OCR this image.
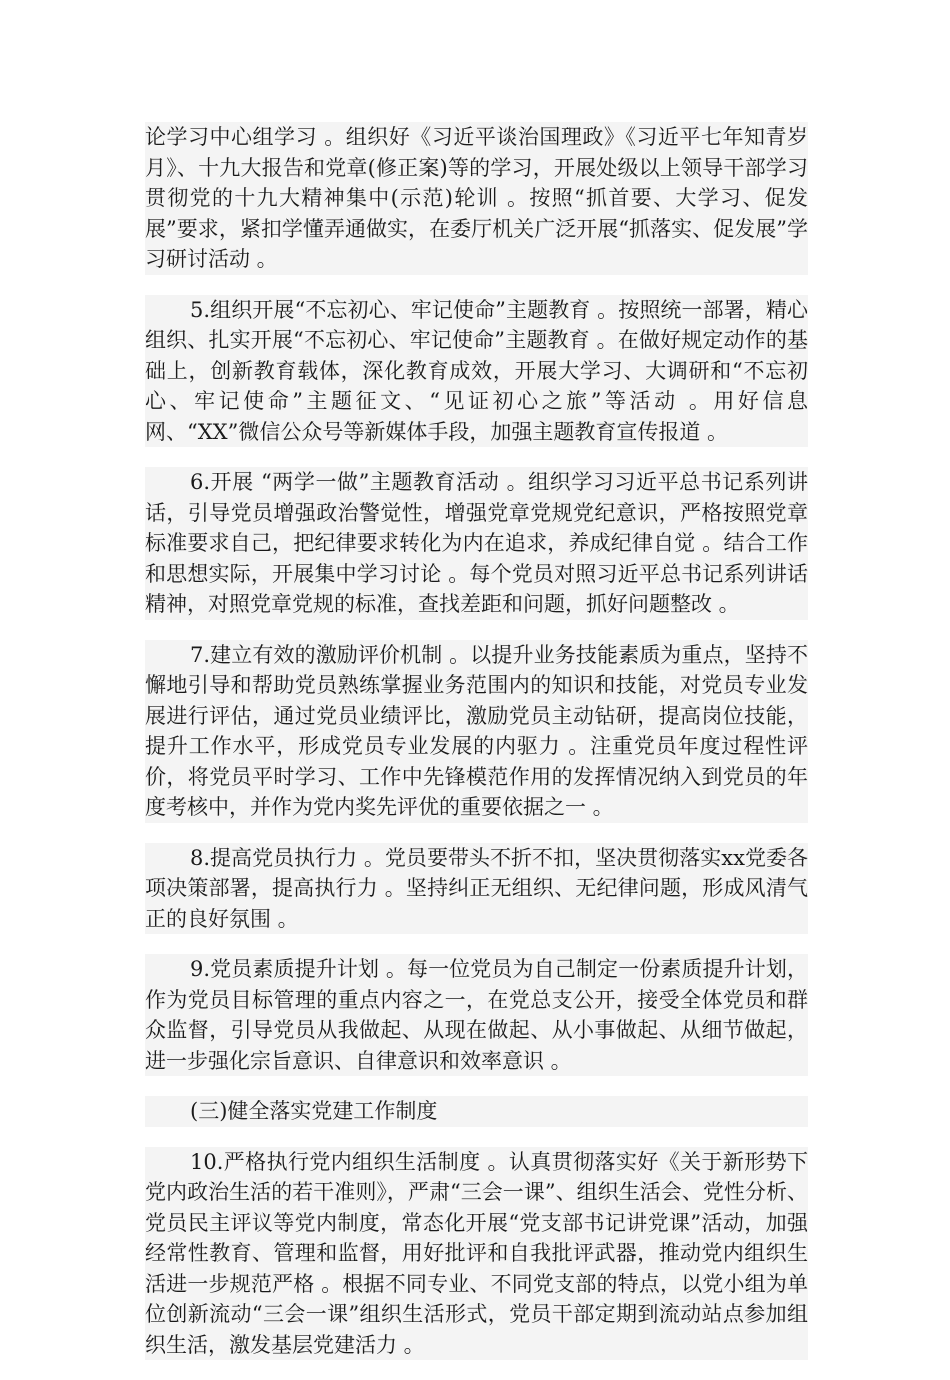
论学习中心组学习 。组织好《习近平谈治国理政》《习近平七年知青岁月》、十九大报告和党章(修正案)等的学习，开展处级以上领导干部学习贯彻党的十九大精神集中(示范)轮训 。按照“抓首要、大学习、促发展”要求，紧扣学懂弄通做实，在委厅机关广泛开展“抓落实、促发展”学习研讨活动 。

5.组织开展“不忘初心、牢记使命”主题教育 。按照统一部署，精心组织、扎实开展“不忘初心、牢记使命”主题教育 。在做好规定动作的基础上，创新教育载体，深化教育成效，开展大学习、大调研和“不忘初心、牢记使命”主题征文、“见证初心之旅”等活动 。用好信息网、“XX”微信公众号等新媒体手段，加强主题教育宣传报道 。

6.开展 “两学一做”主题教育活动 。组织学习习近平总书记系列讲话，引导党员增强政治警觉性，增强党章党规党纪意识，严格按照党章标准要求自己，把纪律要求转化为内在追求，养成纪律自觉 。结合工作和思想实际，开展集中学习讨论 。每个党员对照习近平总书记系列讲话精神，对照党章党规的标准，查找差距和问题，抓好问题整改 。

7.建立有效的激励评价机制 。以提升业务技能素质为重点，坚持不懈地引导和帮助党员熟练掌握业务范围内的知识和技能，对党员专业发展进行评估，通过党员业绩评比，激励党员主动钻研，提高岗位技能，提升工作水平，形成党员专业发展的内驱力 。注重党员年度过程性评价，将党员平时学习、工作中先锋模范作用的发挥情况纳入到党员的年度考核中，并作为党内奖先评优的重要依据之一 。

8.提高党员执行力 。党员要带头不折不扣，坚决贯彻落实xx党委各项决策部署，提高执行力 。坚持纠正无组织、无纪律问题，形成风清气正的良好氛围 。

9.党员素质提升计划 。每一位党员为自己制定一份素质提升计划，作为党员目标管理的重点内容之一，在党总支公开，接受全体党员和群众监督，引导党员从我做起、从现在做起、从小事做起、从细节做起，进一步强化宗旨意识、自律意识和效率意识 。

(三)健全落实党建工作制度

10.严格执行党内组织生活制度 。认真贯彻落实好《关于新形势下党内政治生活的若干准则》，严肃“三会一课”、组织生活会、党性分析、党员民主评议等党内制度，常态化开展“党支部书记讲党课”活动，加强经常性教育、管理和监督，用好批评和自我批评武器，推动党内组织生活进一步规范严格 。根据不同专业、不同党支部的特点，以党小组为单位创新流动“三会一课”组织生活形式，党员干部定期到流动站点参加组织生活，激发基层党建活力 。
